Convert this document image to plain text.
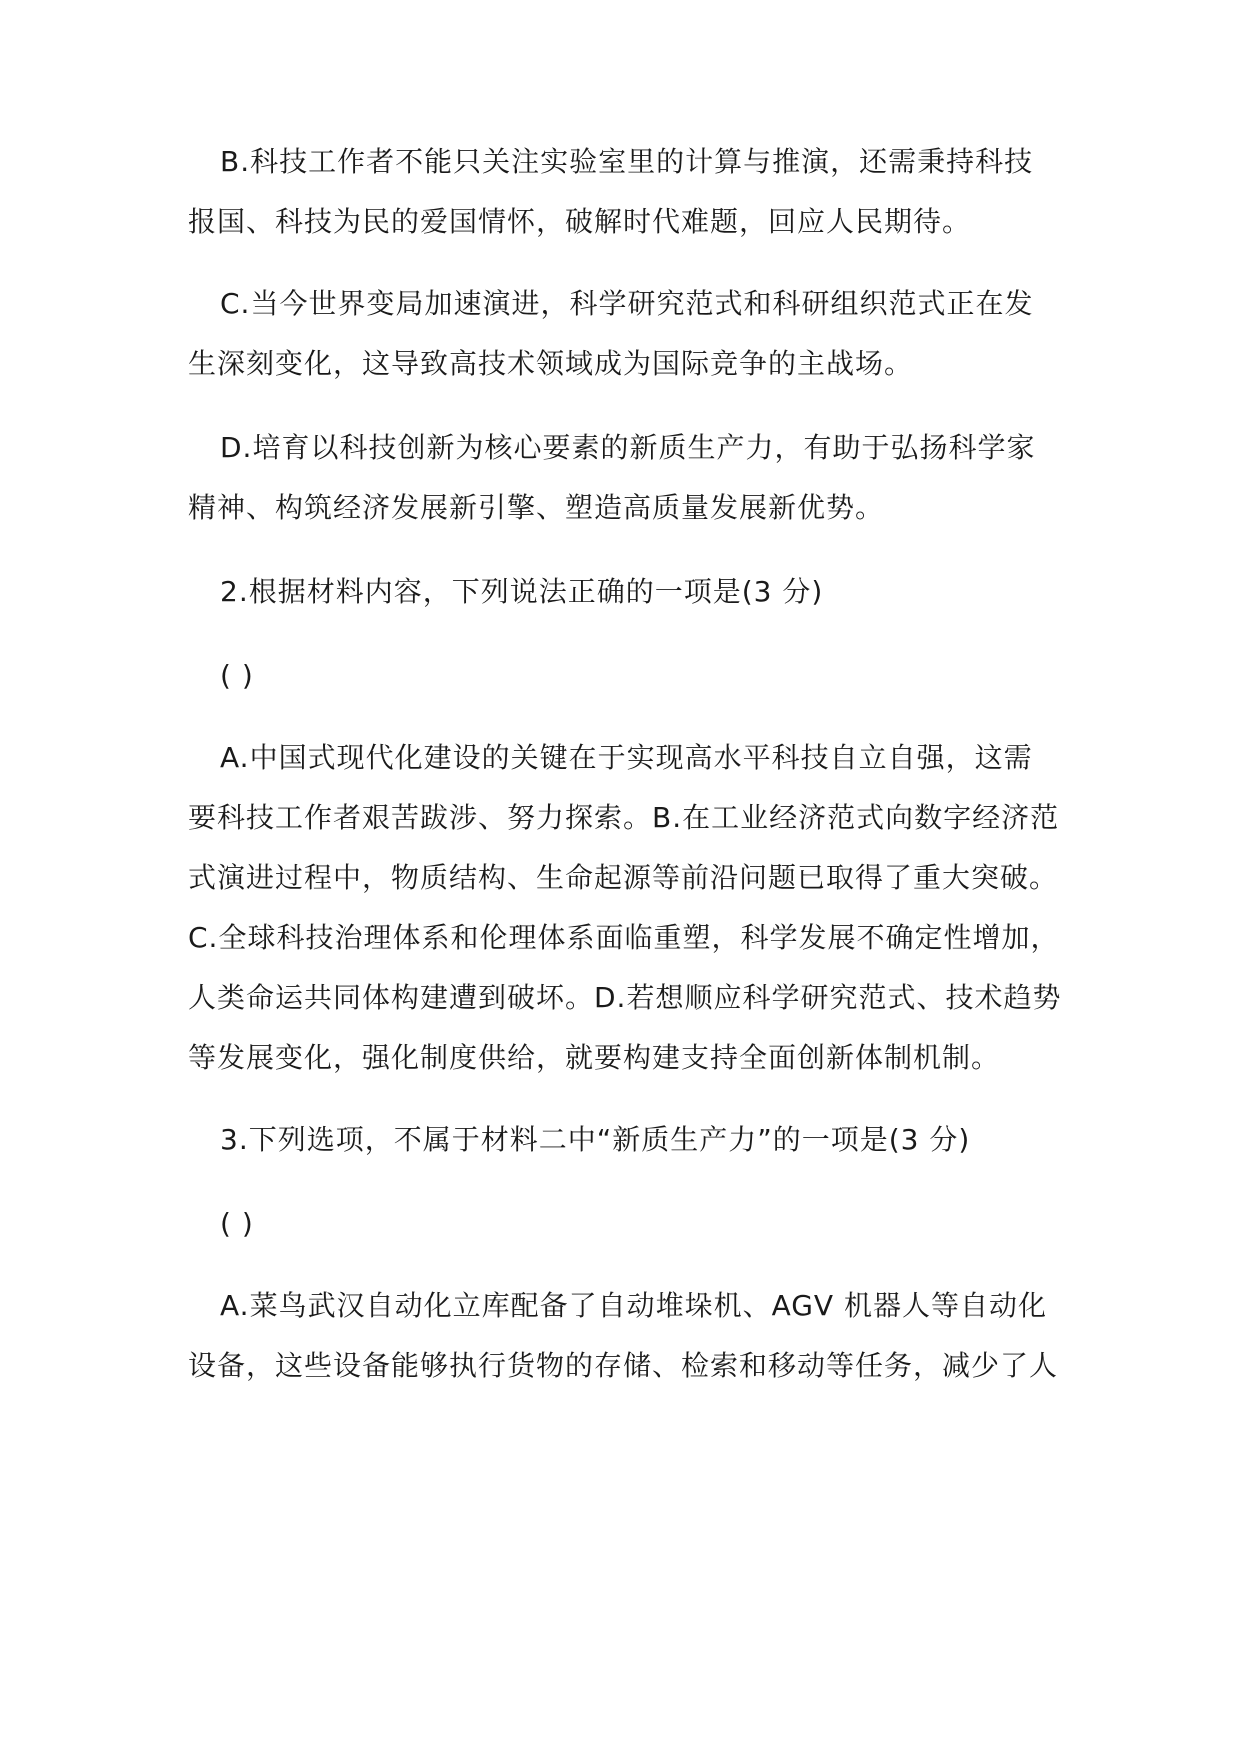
B.科技工作者不能只关注实验室里的计算与推演，还需秉持科技

报国、科技为民的爱国情怀，破解时代难题，回应人民期待。

C.当今世界变局加速演进，科学研究范式和科研组织范式正在发

生深刻变化，这导致高技术领域成为国际竞争的主战场。

D.培育以科技创新为核心要素的新质生产力，有助于弘扬科学家

精神、构筑经济发展新引擎、塑造高质量发展新优势。

2.根据材料内容，下列说法正确的一项是(3 分)

( )

A.中国式现代化建设的关键在于实现高水平科技自立自强，这需

要科技工作者艰苦跋涉、努力探索。B.在工业经济范式向数字经济范

式演进过程中，物质结构、生命起源等前沿问题已取得了重大突破。

C.全球科技治理体系和伦理体系面临重塑，科学发展不确定性增加，

人类命运共同体构建遭到破坏。D.若想顺应科学研究范式、技术趋势

等发展变化，强化制度供给，就要构建支持全面创新体制机制。

3.下列选项，不属于材料二中“新质生产力”的一项是(3 分)

( )

A.菜鸟武汉自动化立库配备了自动堆垛机、AGV 机器人等自动化

设备，这些设备能够执行货物的存储、检索和移动等任务，减少了人
